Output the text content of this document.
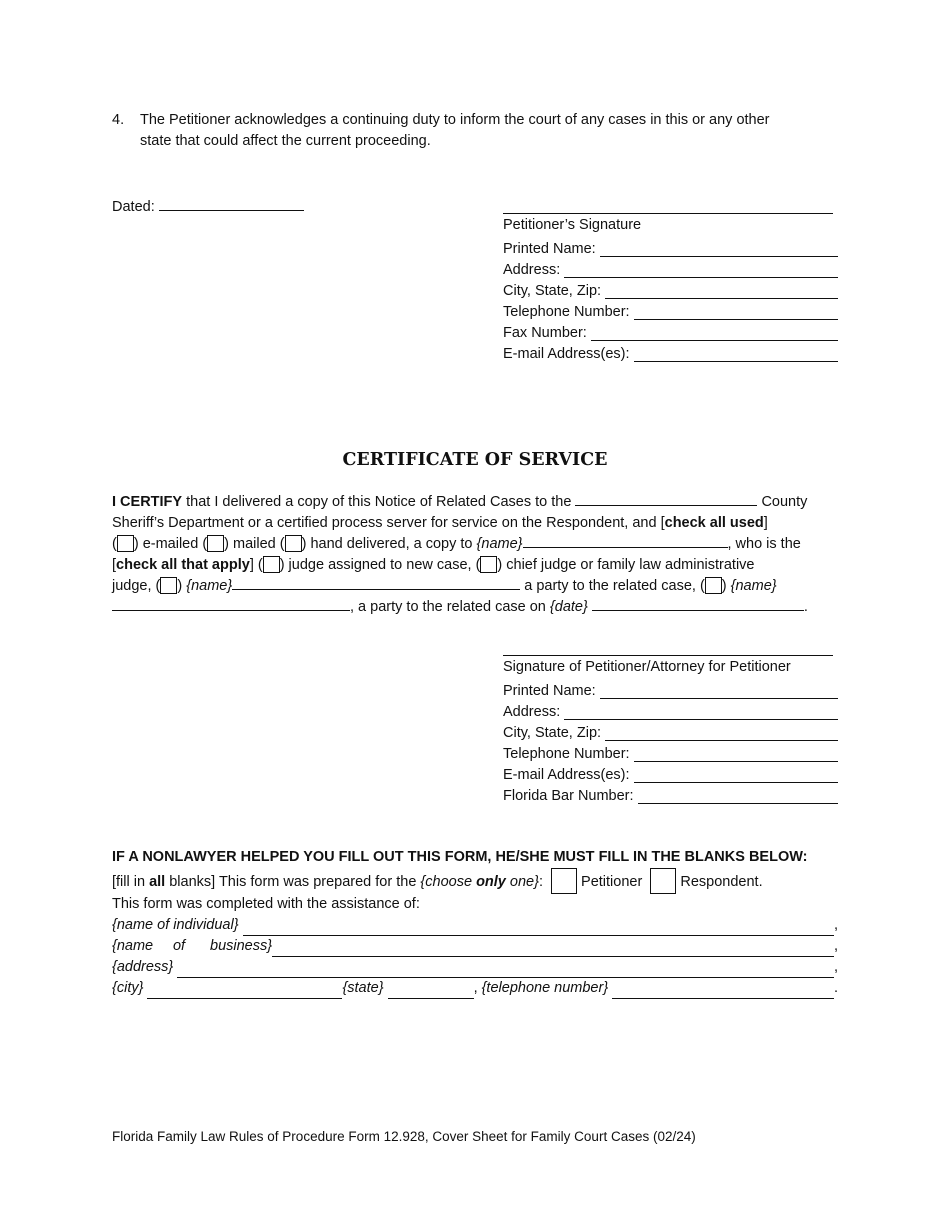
4. The Petitioner acknowledges a continuing duty to inform the court of any cases in this or any other
state that could affect the current proceeding.
Dated:
Petitioner’s Signature
Printed Name:
Address:
City, State, Zip:
Telephone Number:
Fax Number:
E-mail Address(es):
CERTIFICATE OF SERVICE
I CERTIFY that I delivered a copy of this Notice of Related Cases to the	County
Sheriff’s Department or a certified process server for service on the Respondent, and [check all used]
( ) e-mailed ( ) mailed ( ) hand delivered, a copy to {name}	, who is the
[check all that apply] ( ) judge assigned to new case, ( ) chief judge or family law administrative
judge, ( ) {name}	a party to the related case, ( ) {name}
, a party to the related case on {date}	.
Signature of Petitioner/Attorney for Petitioner
Printed Name:
Address:
City, State, Zip:
Telephone Number:
E-mail Address(es):
Florida Bar Number:
IF A NONLAWYER HELPED YOU FILL OUT THIS FORM, HE/SHE MUST FILL IN THE BLANKS BELOW:
[fill in all blanks] This form was prepared for the {choose only one}:	Petitioner	Respondent.
This form was completed with the assistance of:
{name of individual}	,
{name	of	business}	,
{address}	,
{city}	{state}	, {telephone number}	.
Florida Family Law Rules of Procedure Form 12.928, Cover Sheet for Family Court Cases (02/24)
